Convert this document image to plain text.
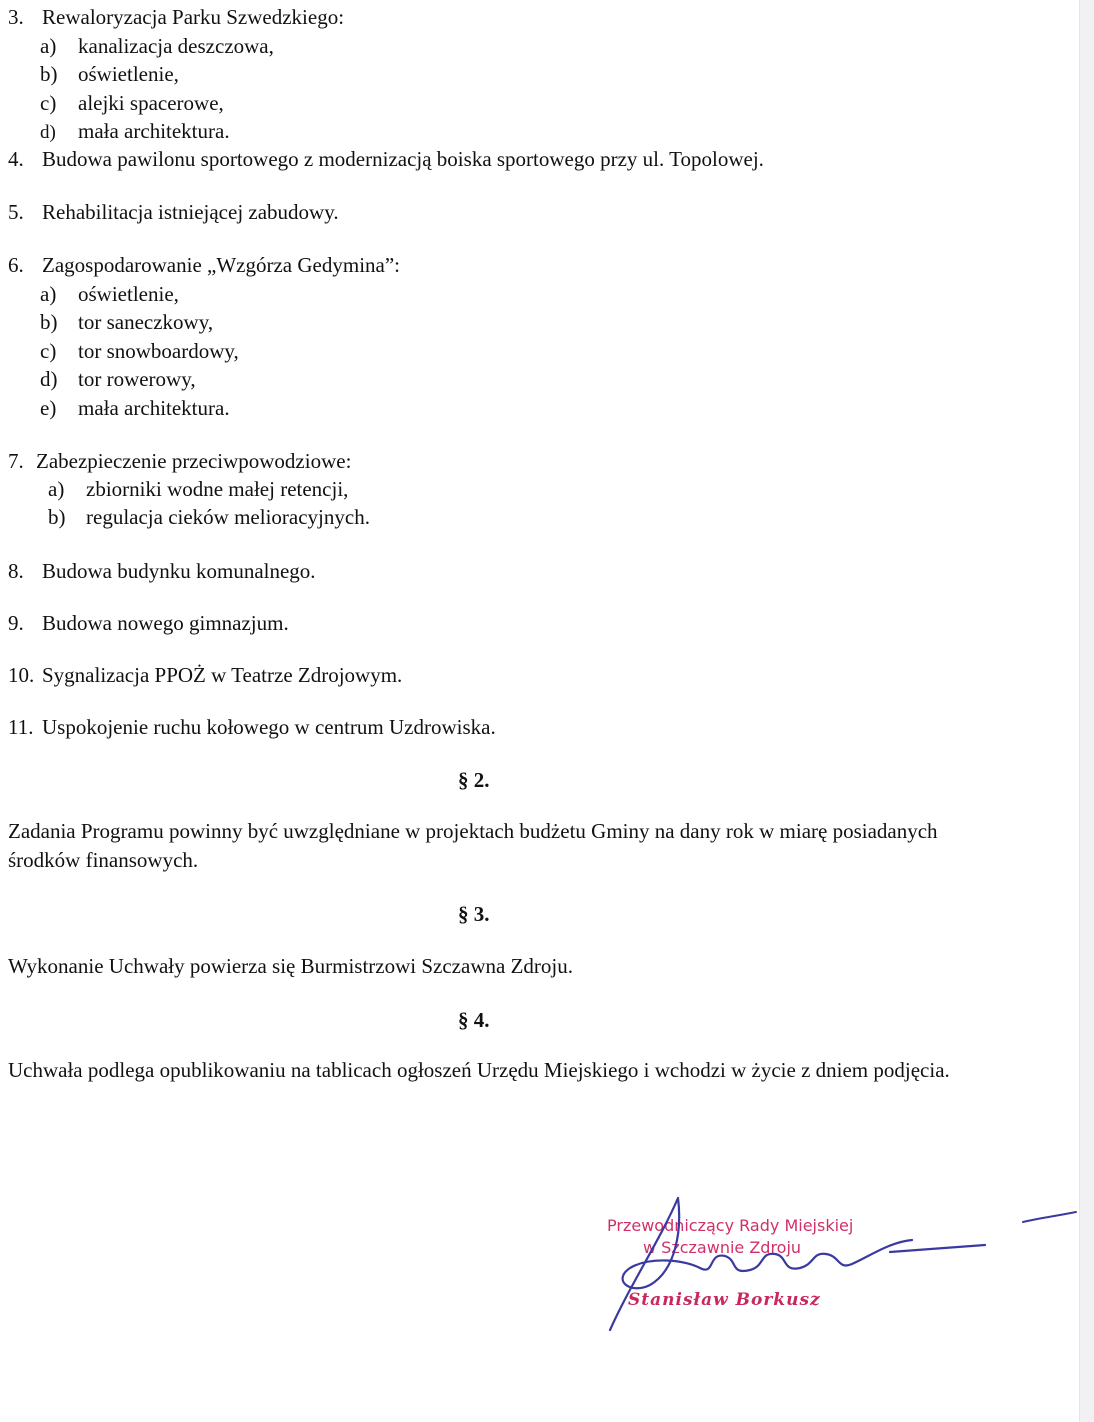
3. Rewaloryzacja Parku Szwedzkiego:
a) kanalizacja deszczowa,
b) oświetlenie,
c) alejki spacerowe,
d) mała architektura.
4. Budowa pawilonu sportowego z modernizacją boiska sportowego przy ul. Topolowej.
5. Rehabilitacja istniejącej zabudowy.
6. Zagospodarowanie „Wzgórza Gedymina”:
a) oświetlenie,
b) tor saneczkowy,
c) tor snowboardowy,
d) tor rowerowy,
e) mała architektura.
7. Zabezpieczenie przeciwpowodziowe:
a) zbiorniki wodne małej retencji,
b) regulacja cieków melioracyjnych.
8. Budowa budynku komunalnego.
9. Budowa nowego gimnazjum.
10. Sygnalizacja PPOŻ w Teatrze Zdrojowym.
11. Uspokojenie ruchu kołowego w centrum Uzdrowiska.
§ 2.
Zadania Programu powinny być uwzględniane w projektach budżetu Gminy na dany rok w miarę posiadanych środków finansowych.
§ 3.
Wykonanie Uchwały powierza się Burmistrzowi Szczawna Zdroju.
§ 4.
Uchwała podlega opublikowaniu na tablicach ogłoszeń Urzędu Miejskiego i wchodzi w życie z dniem podjęcia.
Przewodniczący Rady Miejskiej
w Szczawnie Zdroju
Stanisław Borkusz
